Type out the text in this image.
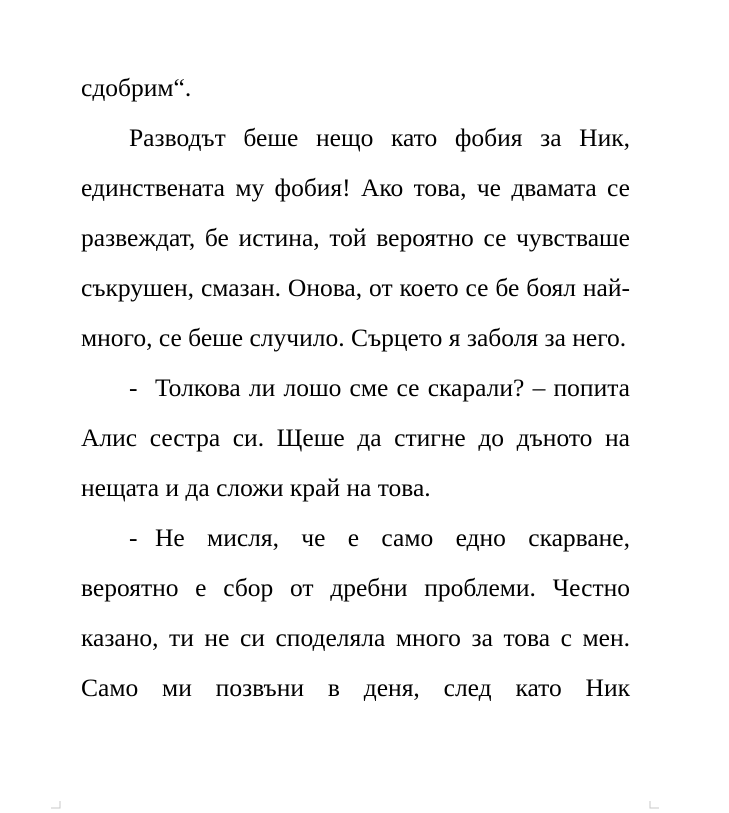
сдобрим“.

Разводът беше нещо като фобия за Ник, единствената му фобия! Ако това, че двамата се развеждат, бе истина, той вероятно се чувстваше съкрушен, смазан. Онова, от което се бе боял най-много, се беше случило. Сърцето я заболя за него.

- Толкова ли лошо сме се скарали? – попита Алис сестра си. Щеше да стигне до дъното на нещата и да сложи край на това.

- Не мисля, че е само едно скарване, вероятно е сбор от дребни проблеми. Честно казано, ти не си споделяла много за това с мен. Само ми позвъни в деня, след като Ник
